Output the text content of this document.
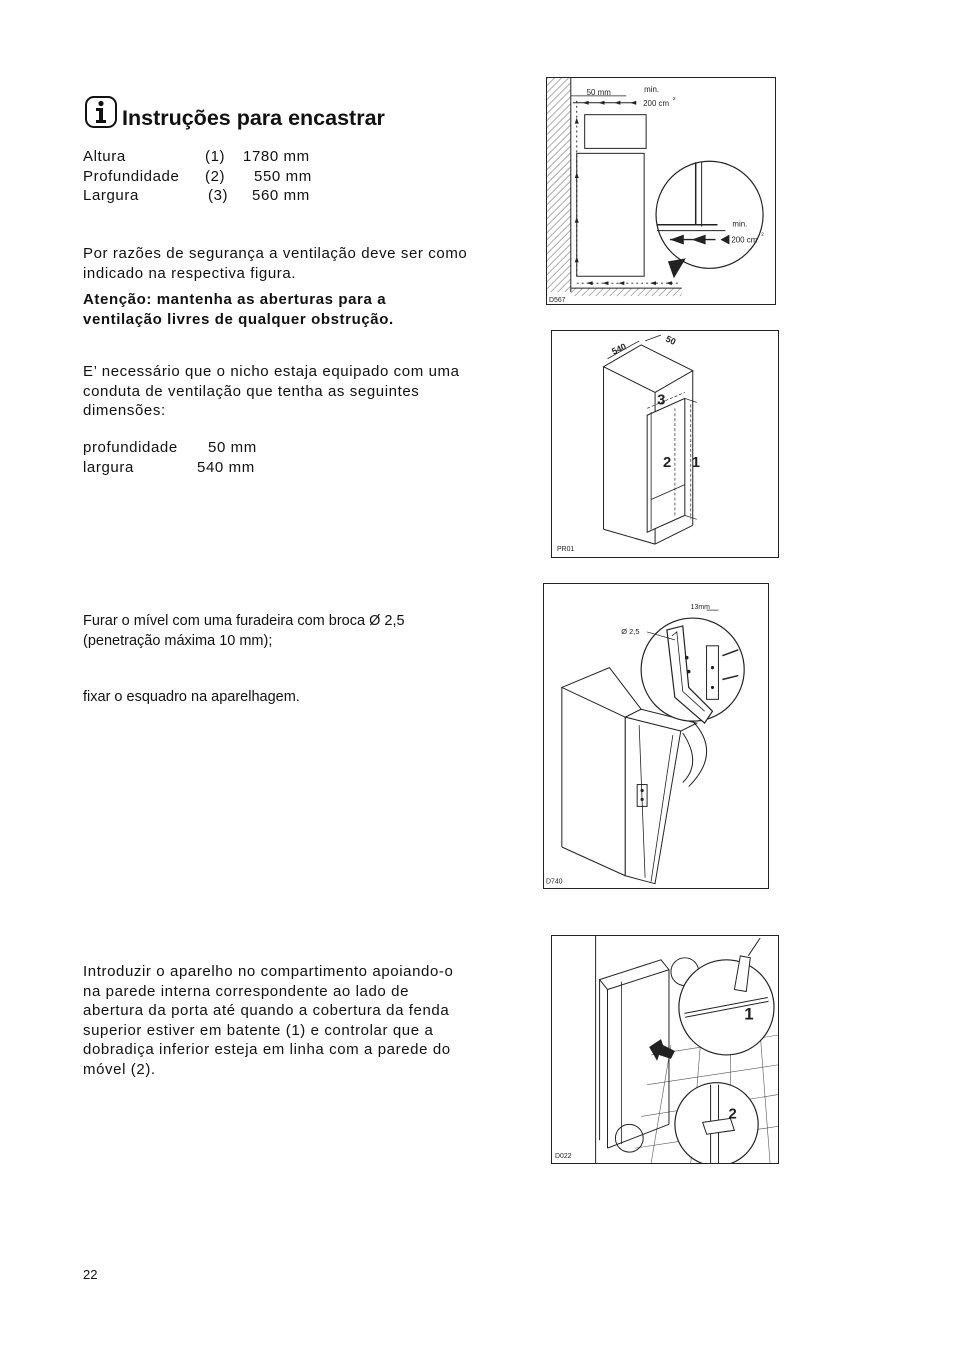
Instruções para encastrar
Altura	(1) 1780 mm
Profundidade (2) 550 mm
Largura	(3) 560 mm
Por razões de segurança a ventilação deve ser como indicado na respectiva figura.
Atenção: mantenha as aberturas para a ventilação livres de qualquer obstrução.
E’ necessário que o nicho estaja equipado com uma conduta de ventilação que tentha as seguintes dimensões:
profundidade 50 mm
largura	540 mm
Furar o mível com uma furadeira com broca Ø 2,5 (penetração máxima 10 mm);
fixar o esquadro na aparelhagem.
Introduzir o aparelho no compartimento apoiando-o na parede interna correspondente ao lado de abertura da porta até quando a cobertura da fenda superior estiver em batente (1) e controlar que a dobradiça inferior esteja em linha com a parede do móvel (2).
22
50 mm	min.
200 cm 2
min.
200 cm
2
D567
540
50
3
2 1
PR01
13mm
Ø 2,5
D740
1
2
D022
